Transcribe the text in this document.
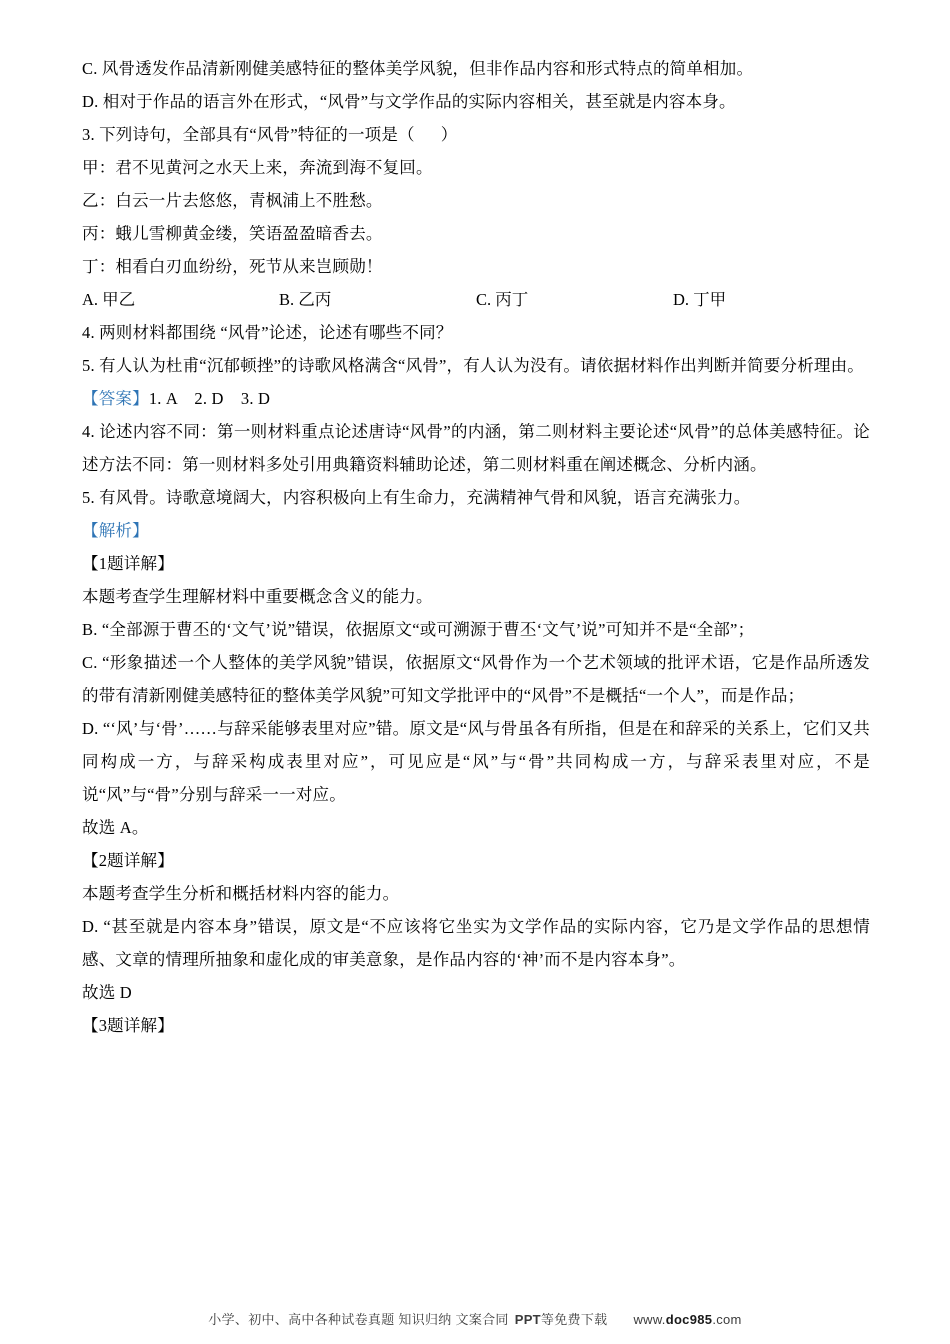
C. 风骨透发作品清新刚健美感特征的整体美学风貌，但非作品内容和形式特点的简单相加。

D. 相对于作品的语言外在形式，“风骨”与文学作品的实际内容相关，甚至就是内容本身。

3. 下列诗句，全部具有“风骨”特征的一项是（      ）

甲：君不见黄河之水天上来，奔流到海不复回。

乙：白云一片去悠悠，青枫浦上不胜愁。

丙：蛾儿雪柳黄金缕，笑语盈盈暗香去。

丁：相看白刃血纷纷，死节从来岂顾勋！

A. 甲乙	B. 乙丙	C. 丙丁	D. 丁甲

4. 两则材料都围绕 “风骨”论述，论述有哪些不同？

5. 有人认为杜甫“沉郁顿挫”的诗歌风格满含“风骨”，有人认为没有。请依据材料作出判断并简要分析理由。

【答案】1. A    2. D    3. D

4. 论述内容不同：第一则材料重点论述唐诗“风骨”的内涵，第二则材料主要论述“风骨”的总体美感特征。论述方法不同：第一则材料多处引用典籍资料辅助论述，第二则材料重在阐述概念、分析内涵。

5. 有风骨。诗歌意境阔大，内容积极向上有生命力，充满精神气骨和风貌，语言充满张力。

【解析】

【1题详解】

本题考查学生理解材料中重要概念含义的能力。

B. “全部源于曹丕的‘文气’说”错误，依据原文“或可溯源于曹丕‘文气’说”可知并不是“全部”；

C. “形象描述一个人整体的美学风貌”错误，依据原文“风骨作为一个艺术领域的批评术语，它是作品所透发的带有清新刚健美感特征的整体美学风貌”可知文学批评中的“风骨”不是概括“一个人”，而是作品；

D. “‘风’与‘骨’……与辞采能够表里对应”错。原文是“风与骨虽各有所指，但是在和辞采的关系上，它们又共同构成一方，与辞采构成表里对应”，可见应是“风”与“骨”共同构成一方，与辞采表里对应，不是说“风”与“骨”分别与辞采一一对应。

故选 A。

【2题详解】

本题考查学生分析和概括材料内容的能力。

D. “甚至就是内容本身”错误，原文是“不应该将它坐实为文学作品的实际内容，它乃是文学作品的思想情感、文章的情理所抽象和虚化成的审美意象，是作品内容的‘神’而不是内容本身”。

故选 D

【3题详解】

小学、初中、高中各种试卷真题 知识归纳 文案合同 PPT等免费下载 www.doc985.com
